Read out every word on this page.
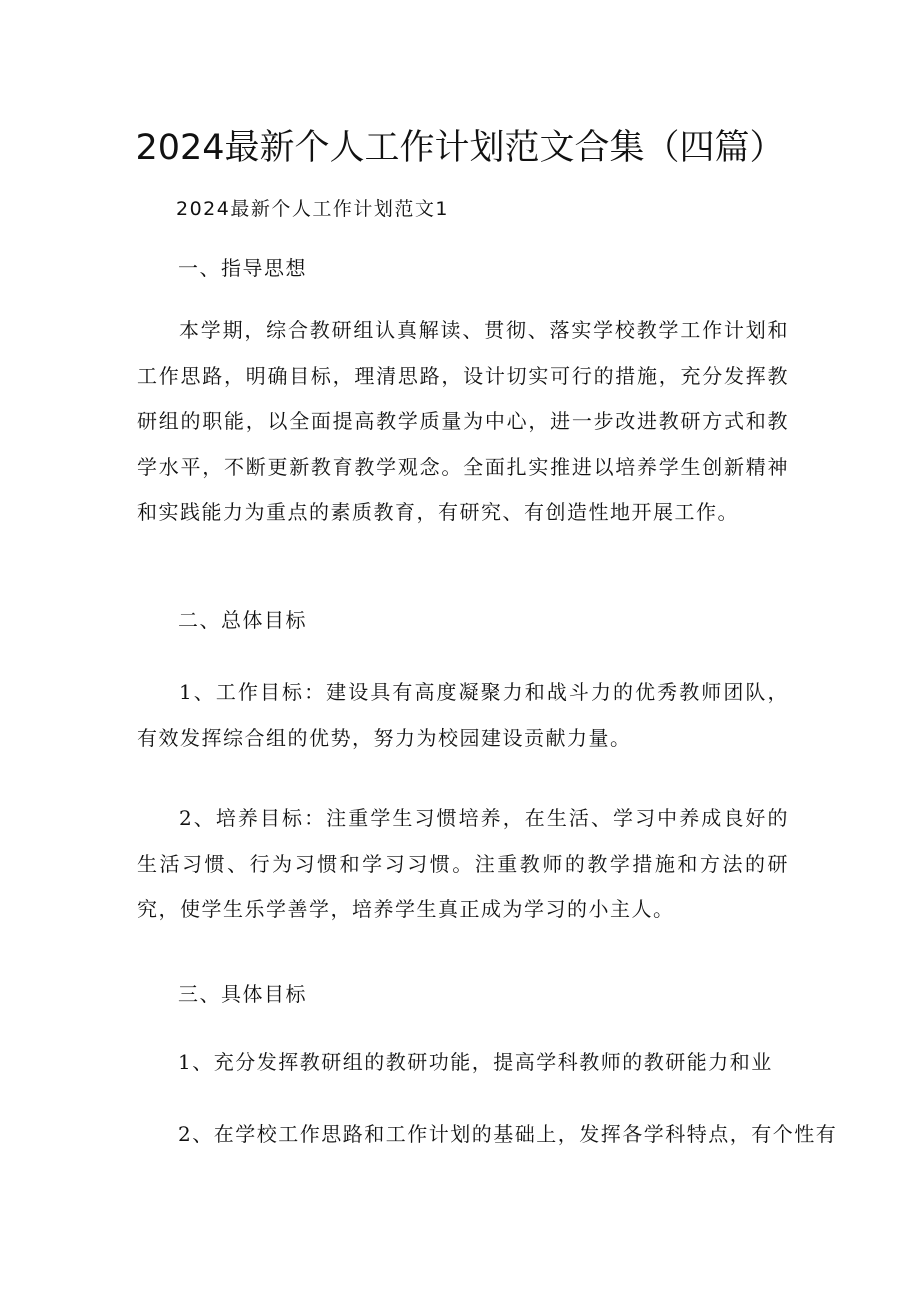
2024最新个人工作计划范文合集（四篇）

2024最新个人工作计划范文1

一、指导思想

本学期，综合教研组认真解读、贯彻、落实学校教学工作计划和工作思路，明确目标，理清思路，设计切实可行的措施，充分发挥教研组的职能，以全面提高教学质量为中心，进一步改进教研方式和教学水平，不断更新教育教学观念。全面扎实推进以培养学生创新精神和实践能力为重点的素质教育，有研究、有创造性地开展工作。

二、总体目标

1、工作目标：建设具有高度凝聚力和战斗力的优秀教师团队，有效发挥综合组的优势，努力为校园建设贡献力量。

2、培养目标：注重学生习惯培养，在生活、学习中养成良好的生活习惯、行为习惯和学习习惯。注重教师的教学措施和方法的研究，使学生乐学善学，培养学生真正成为学习的小主人。

三、具体目标

1、充分发挥教研组的教研功能，提高学科教师的教研能力和业

2、在学校工作思路和工作计划的基础上，发挥各学科特点，有个性有
